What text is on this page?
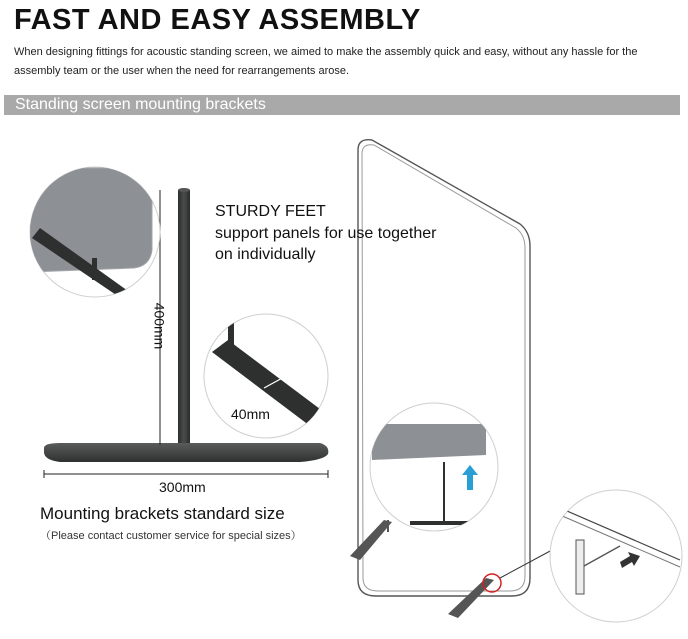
FAST AND EASY ASSEMBLY

When designing fittings for acoustic standing screen, we aimed to make the assembly quick and easy, without any hassle for the assembly team or the user when the need for rearrangements arose.

Standing screen mounting brackets
STURDY FEET
support panels for use together
on individually
400mm
40mm
300mm
Mounting brackets standard size
（Please contact customer service for special sizes）
